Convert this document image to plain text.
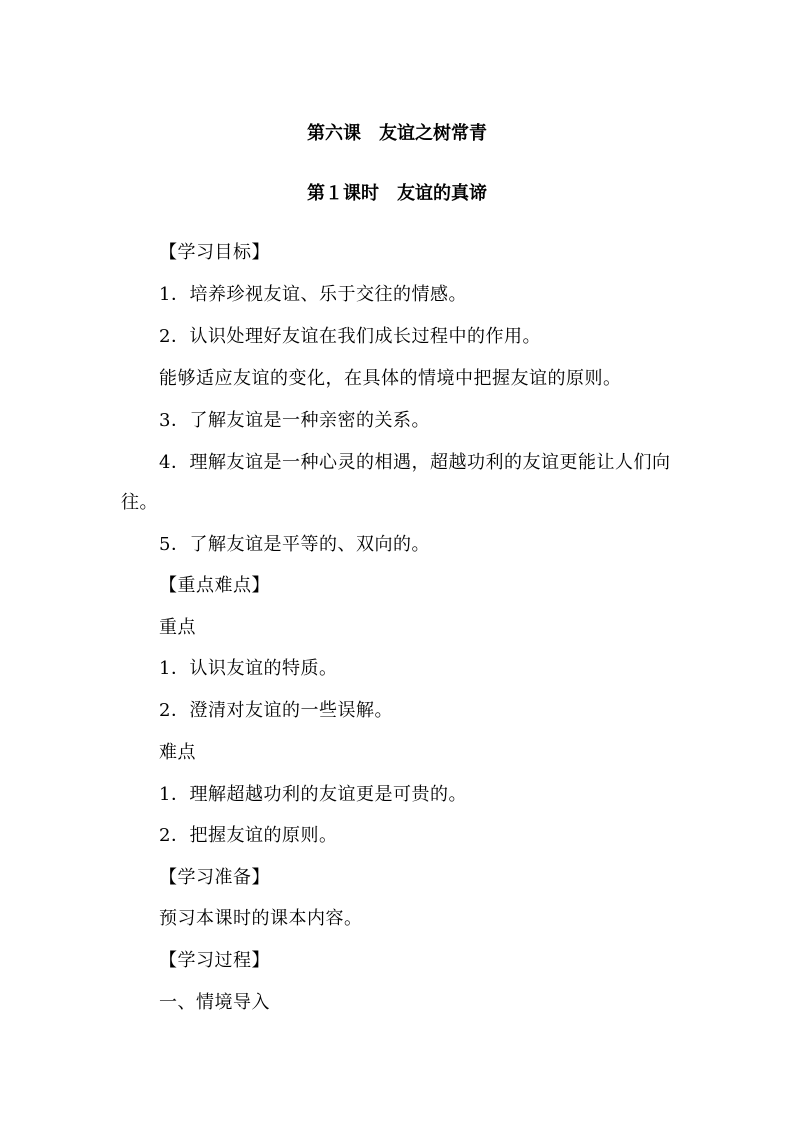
第六课　友谊之树常青
第１课时　友谊的真谛
【学习目标】
1．培养珍视友谊、乐于交往的情感。
2．认识处理好友谊在我们成长过程中的作用。
能够适应友谊的变化，在具体的情境中把握友谊的原则。
3．了解友谊是一种亲密的关系。
4．理解友谊是一种心灵的相遇，超越功利的友谊更能让人们向
往。
5．了解友谊是平等的、双向的。
【重点难点】
重点
1．认识友谊的特质。
2．澄清对友谊的一些误解。
难点
1．理解超越功利的友谊更是可贵的。
2．把握友谊的原则。
【学习准备】
预习本课时的课本内容。
【学习过程】
一、情境导入
